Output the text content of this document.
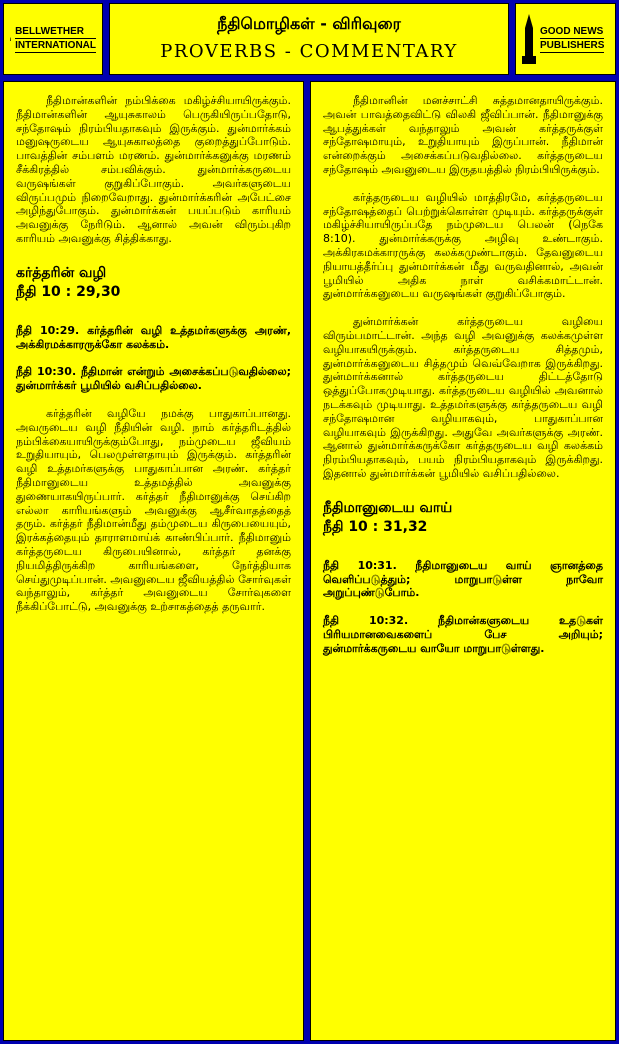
BELLWETHER
INTERNATIONAL
நீதிமொழிகள் - விரிவுரை
PROVERBS - COMMENTARY
GOOD NEWS
PUBLISHERS

நீதிமான்களின் நம்பிக்கை மகிழ்ச்சியாயிருக்கும். நீதிமான்களின் ஆயுசுகாலம் பெருகியிருப்பதோடு, சந்தோஷம் நிரம்பியதாகவும் இருக்கும். துன்மார்க்கம் மனுஷருடைய ஆயுசுகாலத்தை குறைத்துப்போடும். பாவத்தின் சம்பளம் மரணம். துன்மார்க்கனுக்கு மரணம் சீக்கிரத்தில் சம்பவிக்கும். துன்மார்க்கருடைய வருஷங்கள் குறுகிப்போகும். அவர்களுடைய விருப்பமும் நிறைவேறாது. துன்மார்க்கரின் அபேட்சை அழிந்துபோகும். துன்மார்க்கன் பயப்படும் காரியம் அவனுக்கு நேரிடும். ஆனால் அவன் விரும்புகிற காரியம் அவனுக்கு சித்திக்காது.

கர்த்தரின் வழி
நீதி 10 : 29,30

நீதி 10:29. கர்த்தரின் வழி உத்தமர்களுக்கு அரண், அக்கிரமக்காரருக்கோ கலக்கம்.

நீதி 10:30. நீதிமான் என்றும் அசைக்கப்படுவதில்லை; துன்மார்க்கர் பூமியில் வசிப்பதில்லை.

கர்த்தரின் வழியே நமக்கு பாதுகாப்பானது. அவருடைய வழி நீதியின் வழி. நாம் கர்த்தரிடத்தில் நம்பிக்கையாயிருக்கும்போது, நம்முடைய ஜீவியம் உறுதியாயும், பெலமுள்ளதாயும் இருக்கும். கர்த்தரின் வழி உத்தமர்களுக்கு பாதுகாப்பான அரண். கர்த்தர் நீதிமானுடைய உத்தமத்தில் அவனுக்கு துணையாகயிருப்பார். கர்த்தர் நீதிமானுக்கு செய்கிற எல்லா காரியங்களும் அவனுக்கு ஆசீர்வாதத்தைத் தரும். கர்த்தர் நீதிமான்மீது தம்முடைய கிருபையையும், இரக்கத்தையும் தாராளமாய்க் காண்பிப்பார். நீதிமானும் கர்த்தருடைய கிருபையினால், கர்த்தர் தனக்கு நியமித்திருக்கிற காரியங்களை, நேர்த்தியாக செய்துமுடிப்பான். அவனுடைய ஜீவியத்தில் சோர்வுகள் வந்தாலும், கர்த்தர் அவனுடைய சோர்வுகளை நீக்கிப்போட்டு, அவனுக்கு உற்சாகத்தைத் தருவார்.

நீதிமானின் மனச்சாட்சி சுத்தமானதாயிருக்கும். அவன் பாவத்தைவிட்டு விலகி ஜீவிப்பான். நீதிமானுக்கு ஆபத்துக்கள் வந்தாலும் அவன் கர்த்தருக்குள் சந்தோஷமாயும், உறுதியாயும் இருப்பான். நீதிமான் என்றைக்கும் அசைக்கப்படுவதில்லை. கர்த்தருடைய சந்தோஷம் அவனுடைய இருதயத்தில் நிரம்பியிருக்கும்.

கர்த்தருடைய வழியில் மாத்திரமே, கர்த்தருடைய சந்தோஷத்தைப் பெற்றுக்கொள்ள முடியும். கர்த்தருக்குள் மகிழ்ச்சியாயிருப்பதே நம்முடைய பெலன் (நெகே 8:10). துன்மார்க்கருக்கு அழிவு உண்டாகும். அக்கிரகமக்காரருக்கு கலக்கமுண்டாகும். தேவனுடைய நியாயத்தீர்ப்பு துன்மார்க்கன் மீது வருவதினால், அவன் பூமியில் அதிக நாள் வசிக்கமாட்டான். துன்மார்க்கனுடைய வருஷங்கள் குறுகிப்போகும்.

துன்மார்க்கன் கர்த்தருடைய வழியை விரும்பமாட்டான். அந்த வழி அவனுக்கு கலக்கமுள்ள வழியாகயிருக்கும். கர்த்தருடைய சித்தமும், துன்மார்க்கனுடைய சித்தமும் வெவ்வேறாக இருக்கிறது. துன்மார்க்கனால் கர்த்தருடைய திட்டத்தோடு ஒத்துப்போகமுடியாது. கர்த்தருடைய வழியில் அவனால் நடக்கவும் முடியாது. உத்தமர்களுக்கு கர்த்தருடைய வழி சந்தோஷமான வழியாகவும், பாதுகாப்பான வழியாகவும் இருக்கிறது. அதுவே அவர்களுக்கு அரண். ஆனால் துன்மார்க்கருக்கோ கர்த்தருடைய வழி கலக்கம் நிரம்பியதாகவும், பயம் நிரம்பியதாகவும் இருக்கிறது. இதனால் துன்மார்க்கன் பூமியில் வசிப்பதில்லை.

நீதிமானுடைய வாய்
நீதி 10 : 31,32

நீதி 10:31. நீதிமானுடைய வாய் ஞானத்தை வெளிப்படுத்தும்; மாறுபாடுள்ள நாவோ அறுப்புண்டுபோம்.

நீதி 10:32. நீதிமான்களுடைய உதடுகள் பிரியமானவைகளைப் பேச அறியும்; துன்மார்க்கருடைய வாயோ மாறுபாடுள்ளது.
